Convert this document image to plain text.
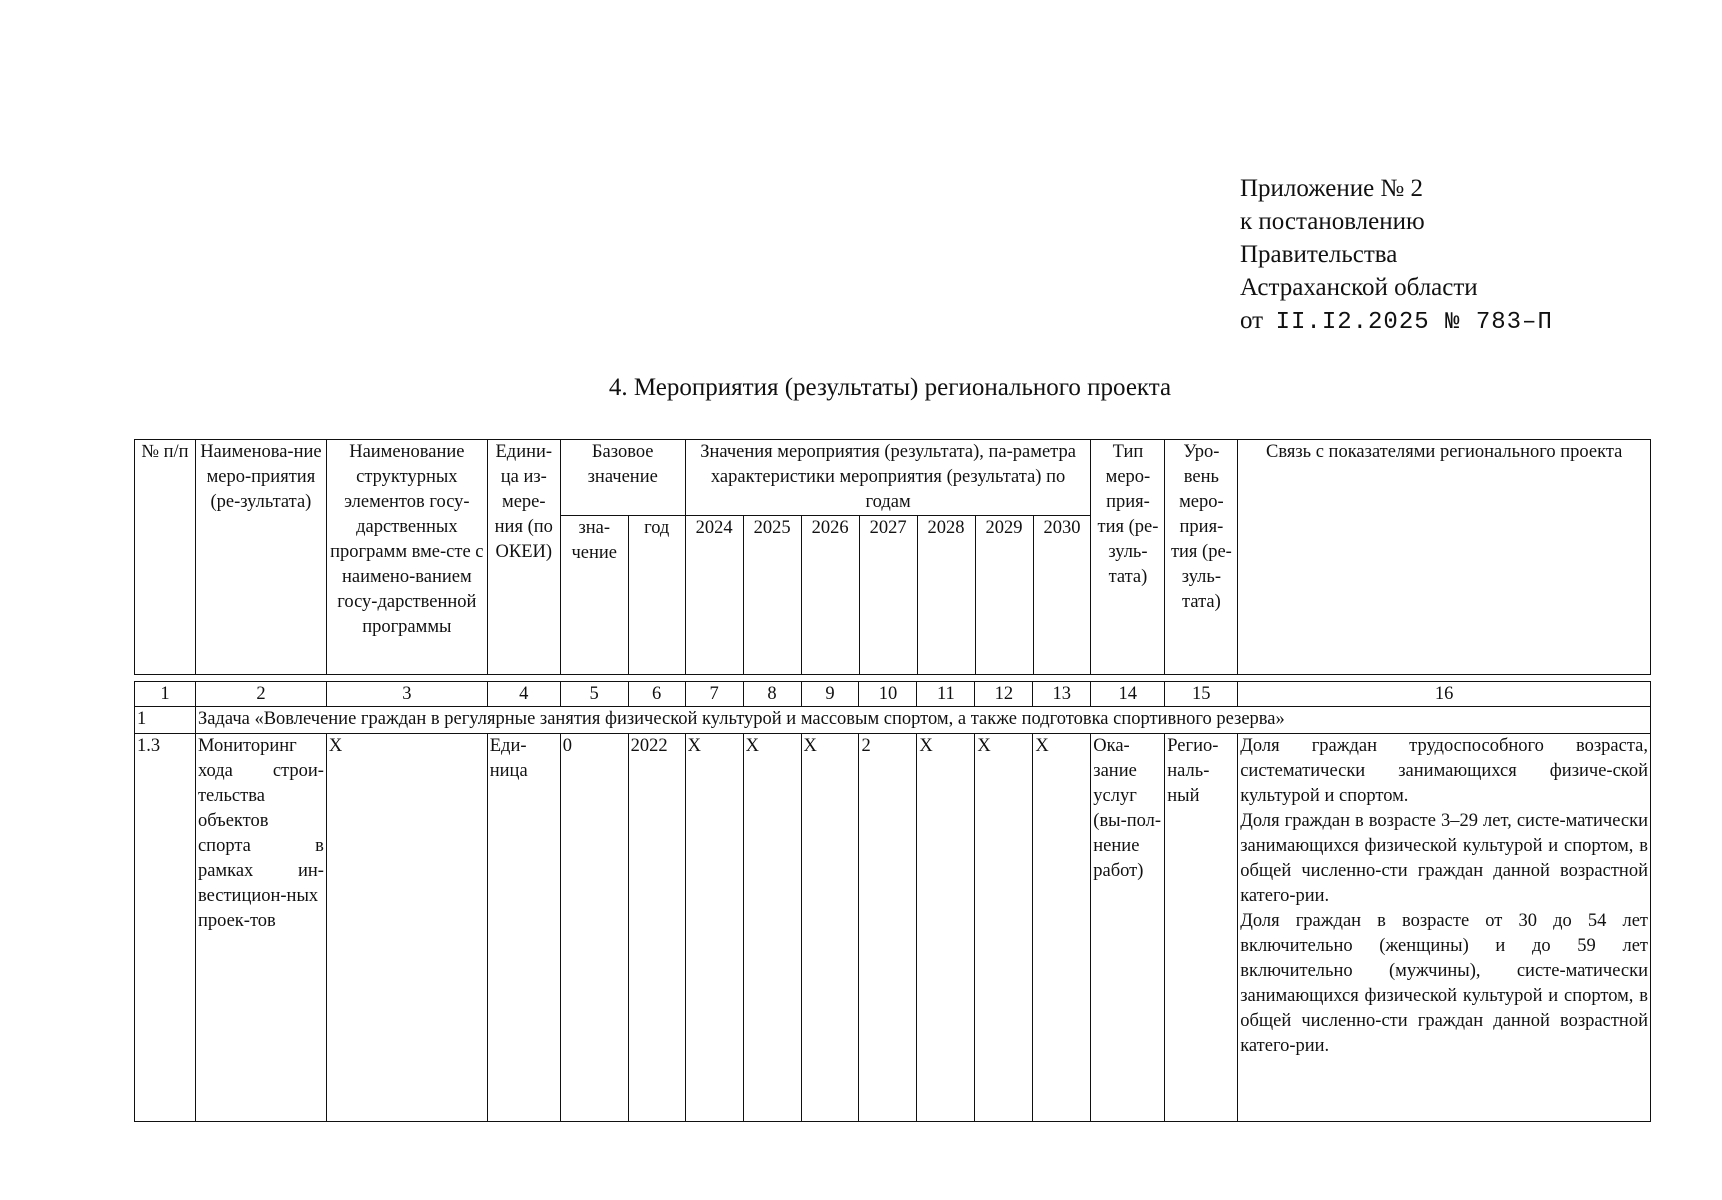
Приложение № 2
к постановлению
Правительства
Астраханской области
от II.I2.2025 № 783–П
4. Мероприятия (результаты) регионального проекта
№ п/п	Наименова-ние меро-приятия (ре-зультата)	Наименование структурных элементов госу-дарственных программ вме-сте с наимено-ванием госу-дарственной программы	Едини-ца из-мере-ния (по ОКЕИ)	Базовое значение		Значения мероприятия (результата), па-раметра характеристики мероприятия (результата) по годам							Тип меро-прия-тия (ре-зуль-тата)	Уро-вень меро-прия-тия (ре-зуль-тата)	Связь с показателями регионального проекта
				зна-чение	год	2024	2025	2026	2027	2028	2029	2030			
1	2	3	4	5	6	7	8	9	10	11	12	13	14	15	16
1	Задача «Вовлечение граждан в регулярные занятия физической культурой и массовым спортом, а также подготовка спортивного резерва»														
1.3	Мониторинг хода строи-тельства объектов спорта в рамках ин-вестицион-ных проек-тов	X	Еди-ница	0	2022	X	X	X	2	X	X	X	Ока-зание услуг (вы-пол-нение работ)	Регио-наль-ный	Доля граждан трудоспособного возраста, систематически занимающихся физиче-ской культурой и спортом.
Доля граждан в возрасте 3–29 лет, систе-матически занимающихся физической культурой и спортом, в общей численно-сти граждан данной возрастной катего-рии.
Доля граждан в возрасте от 30 до 54 лет включительно (женщины) и до 59 лет включительно (мужчины), систе-матически занимающихся физической культурой и спортом, в общей численно-сти граждан данной возрастной катего-рии.
